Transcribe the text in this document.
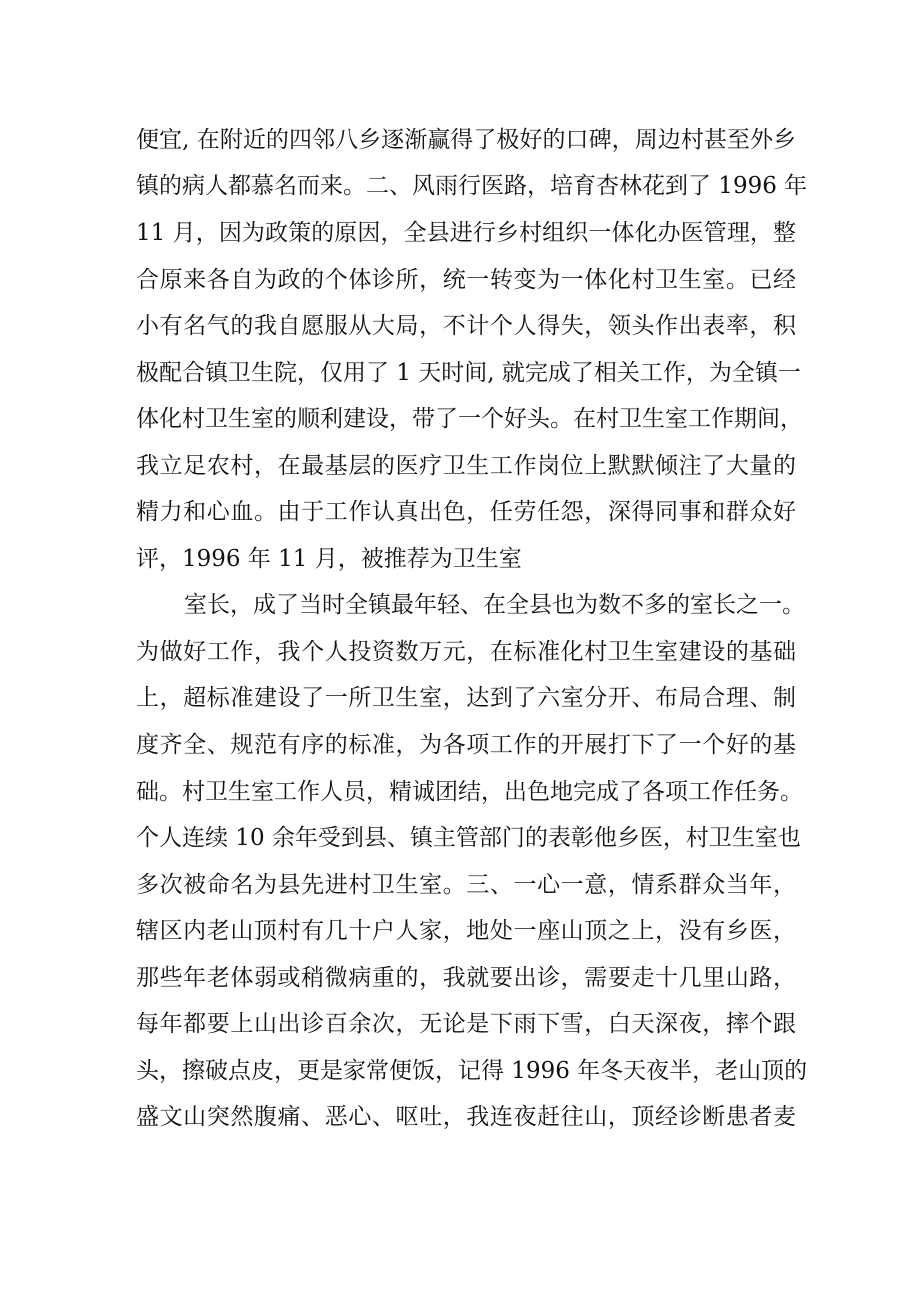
便宜, 在附近的四邻八乡逐渐赢得了极好的口碑，周边村甚至外乡
镇的病人都慕名而来。二、风雨行医路，培育杏林花到了 1996 年
11 月，因为政策的原因，全县进行乡村组织一体化办医管理，整
合原来各自为政的个体诊所，统一转变为一体化村卫生室。已经
小有名气的我自愿服从大局，不计个人得失，领头作出表率，积
极配合镇卫生院，仅用了 1 天时间, 就完成了相关工作，为全镇一
体化村卫生室的顺利建设，带了一个好头。在村卫生室工作期间，
我立足农村，在最基层的医疗卫生工作岗位上默默倾注了大量的
精力和心血。由于工作认真出色，任劳任怨，深得同事和群众好
评，1996 年 11 月，被推荐为卫生室
室长，成了当时全镇最年轻、在全县也为数不多的室长之一。
为做好工作，我个人投资数万元，在标准化村卫生室建设的基础
上，超标准建设了一所卫生室，达到了六室分开、布局合理、制
度齐全、规范有序的标准，为各项工作的开展打下了一个好的基
础。村卫生室工作人员，精诚团结，出色地完成了各项工作任务。
个人连续 10 余年受到县、镇主管部门的表彰他乡医，村卫生室也
多次被命名为县先进村卫生室。三、一心一意，情系群众当年，
辖区内老山顶村有几十户人家，地处一座山顶之上，没有乡医，
那些年老体弱或稍微病重的，我就要出诊，需要走十几里山路，
每年都要上山出诊百余次，无论是下雨下雪，白天深夜，摔个跟
头，擦破点皮，更是家常便饭，记得 1996 年冬天夜半，老山顶的
盛文山突然腹痛、恶心、呕吐，我连夜赶往山，顶经诊断患者麦
